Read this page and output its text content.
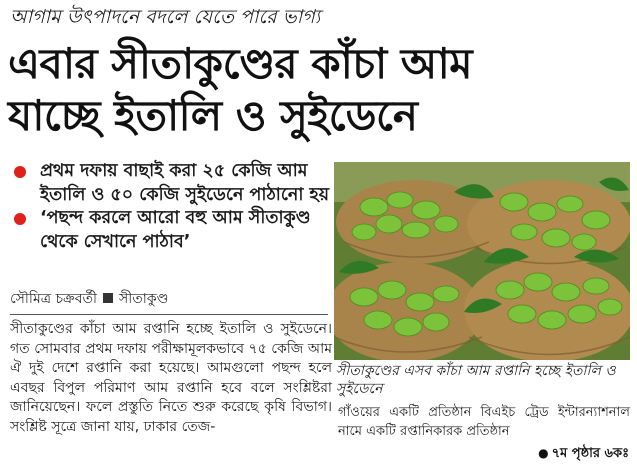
আগাম উৎপাদনে বদলে যেতে পারে ভাগ্য
এবার সীতাকুণ্ডের কাঁচা আম
যাচ্ছে ইতালি ও সুইডেনে
প্রথম দফায় বাছাই করা ২৫ কেজি আম ইতালি ও ৫০ কেজি সুইডেনে পাঠানো হয়
‘পছন্দ করলে আরো বহু আম সীতাকুণ্ড থেকে সেখানে পাঠাব’
সৌমিত্র চক্রবর্তী সীতাকুণ্ড
সীতাকুণ্ডের কাঁচা আম রপ্তানি হচ্ছে ইতালি ও সুইডেনে। গত সোমবার প্রথম দফায় পরীক্ষামূলকভাবে ৭৫ কেজি আম ঐ দুই দেশে রপ্তানি করা হয়েছে। আমগুলো পছন্দ হলে এবছর বিপুল পরিমাণ আম রপ্তানি হবে বলে সংশ্লিষ্টরা জানিয়েছেন। ফলে প্রস্তুতি নিতে শুরু করেছে কৃষি বিভাগ। সংশ্লিষ্ট সূত্রে জানা যায়, ঢাকার তেজ-
সীতাকুণ্ডের এসব কাঁচা আম রপ্তানি হচ্ছে ইতালি ও সুইডেনে
গাঁওয়ের একটি প্রতিষ্ঠান বিএইচ ট্রেড ইন্টারন্যাশনাল নামে একটি রপ্তানিকারক প্রতিষ্ঠান
● ৭ম পৃষ্ঠার ৬কঃ
